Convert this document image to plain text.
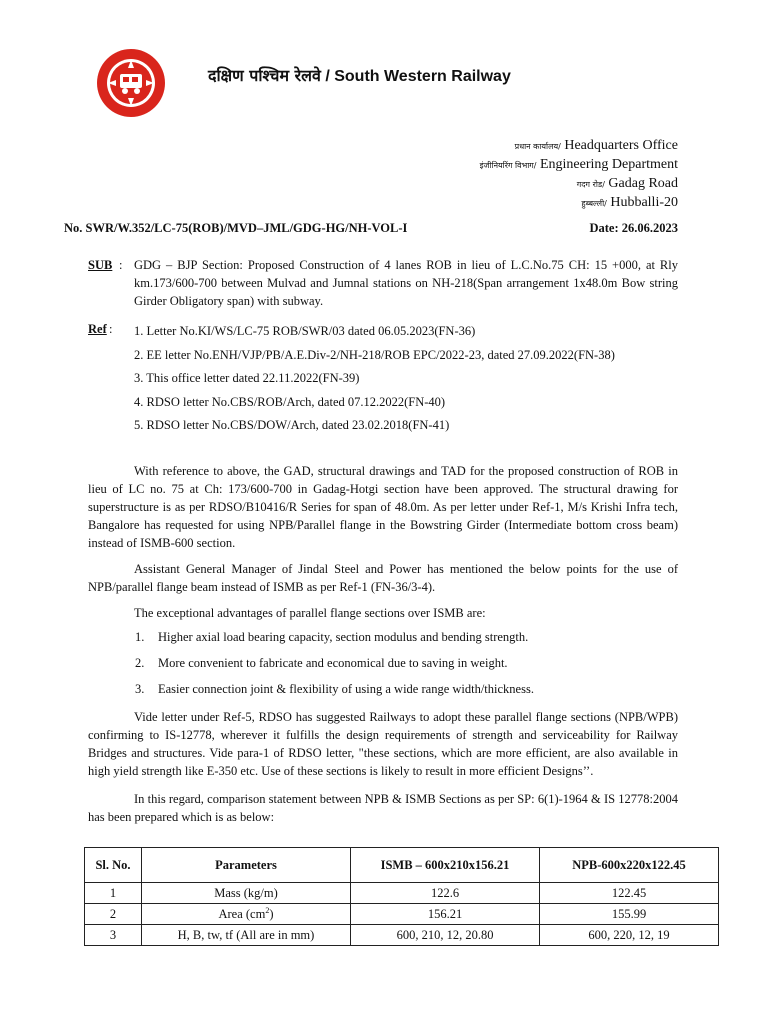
दक्षिण पश्चिम रेलवे / South Western Railway
प्रधान कार्यालय/ Headquarters Office
इंजीनियरिंग विभाग/ Engineering Department
गदग रोड/ Gadag Road
हुब्बल्ली/ Hubballi-20
No. SWR/W.352/LC-75(ROB)/MVD–JML/GDG-HG/NH-VOL-I	Date: 26.06.2023
SUB : GDG – BJP Section: Proposed Construction of 4 lanes ROB in lieu of L.C.No.75 CH: 15 +000, at Rly km.173/600-700 between Mulvad and Jumnal stations on NH-218(Span arrangement 1x48.0m Bow string Girder Obligatory span) with subway.
Ref : 1. Letter No.KI/WS/LC-75 ROB/SWR/03 dated 06.05.2023(FN-36)
2. EE letter No.ENH/VJP/PB/A.E.Div-2/NH-218/ROB EPC/2022-23, dated 27.09.2022(FN-38)
3. This office letter dated 22.11.2022(FN-39)
4. RDSO letter No.CBS/ROB/Arch, dated 07.12.2022(FN-40)
5. RDSO letter No.CBS/DOW/Arch, dated 23.02.2018(FN-41)

With reference to above, the GAD, structural drawings and TAD for the proposed construction of ROB in lieu of LC no. 75 at Ch: 173/600-700 in Gadag-Hotgi section have been approved. The structural drawing for superstructure is as per RDSO/B10416/R Series for span of 48.0m. As per letter under Ref-1, M/s Krishi Infra tech, Bangalore has requested for using NPB/Parallel flange in the Bowstring Girder (Intermediate bottom cross beam) instead of ISMB-600 section.

Assistant General Manager of Jindal Steel and Power has mentioned the below points for the use of NPB/parallel flange beam instead of ISMB as per Ref-1 (FN-36/3-4).

The exceptional advantages of parallel flange sections over ISMB are:

1. Higher axial load bearing capacity, section modulus and bending strength.
2. More convenient to fabricate and economical due to saving in weight.
3. Easier connection joint & flexibility of using a wide range width/thickness.

Vide letter under Ref-5, RDSO has suggested Railways to adopt these parallel flange sections (NPB/WPB) confirming to IS-12778, wherever it fulfills the design requirements of strength and serviceability for Railway Bridges and structures. Vide para-1 of RDSO letter, "these sections, which are more efficient, are also available in high yield strength like E-350 etc. Use of these sections is likely to result in more efficient Designs’’.

In this regard, comparison statement between NPB & ISMB Sections as per SP: 6(1)-1964 & IS 12778:2004 has been prepared which is as below:

Sl. No.	Parameters	ISMB – 600x210x156.21	NPB-600x220x122.45
1	Mass (kg/m)	122.6	122.45
2	Area $(cm^2)$	156.21	155.99
3	H, B, tw, tf (All are in mm)	600, 210, 12, 20.80	600, 220, 12, 19
